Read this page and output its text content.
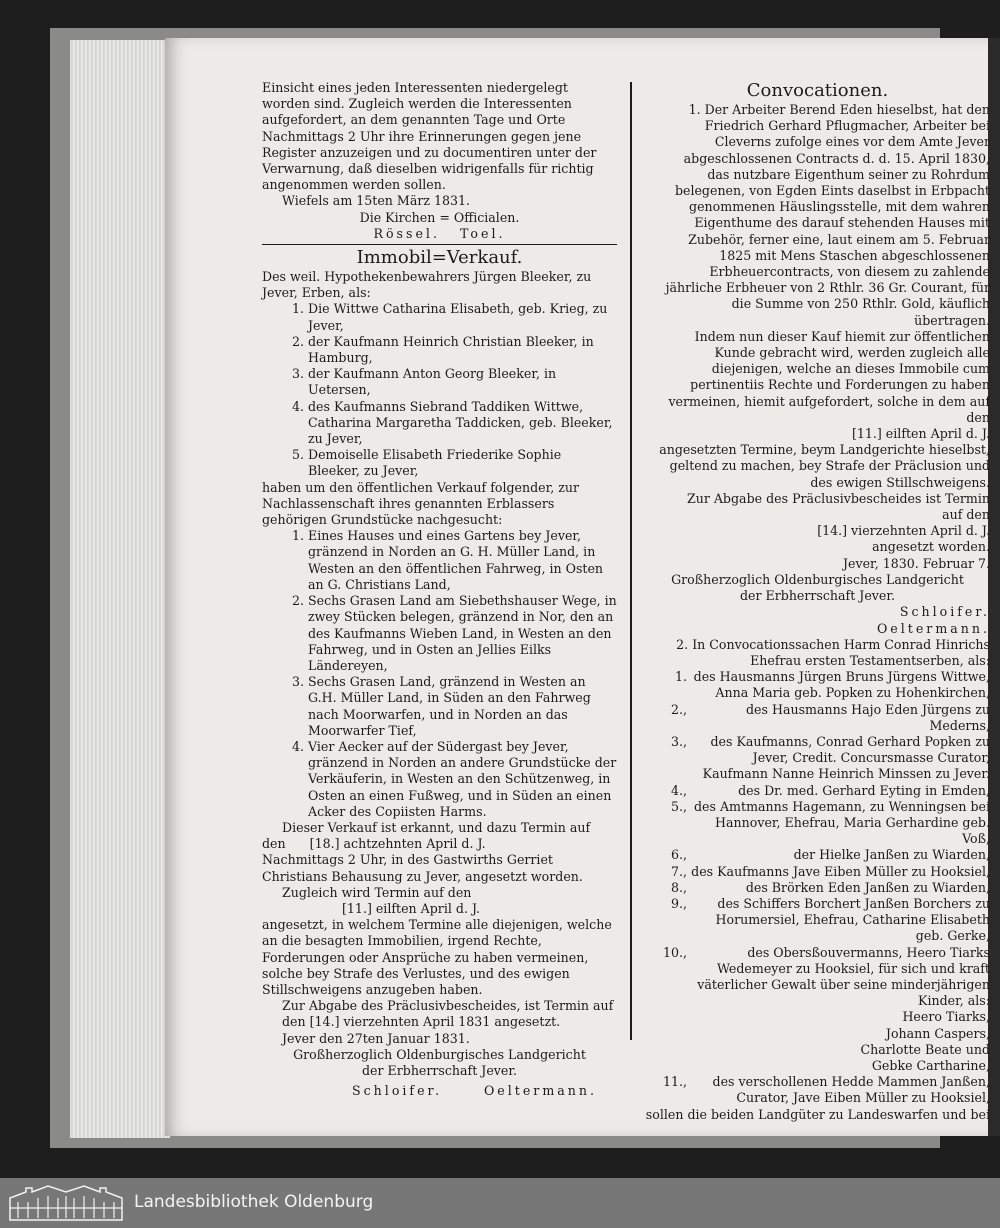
Einsicht eines jeden Interessenten niedergelegt worden sind. Zugleich werden die Interessenten aufgefordert, an dem genannten Tage und Orte Nachmittags 2 Uhr ihre Erinnerungen gegen jene Register anzuzeigen und zu documentiren unter der Verwarnung, daß dieselben widrigenfalls für richtig angenommen werden sollen.

Wiefels am 15ten März 1831.

Die Kirchen = Officialen.

Rössel. Toel.

Immobil=Verkauf.

Des weil. Hypothekenbewahrers Jürgen Bleeker, zu Jever, Erben, als:

1. Die Wittwe Catharina Elisabeth, geb. Krieg, zu Jever,
2. der Kaufmann Heinrich Christian Bleeker, in Hamburg,
3. der Kaufmann Anton Georg Bleeker, in Uetersen,
4. des Kaufmanns Siebrand Taddiken Wittwe, Catharina Margaretha Taddicken, geb. Bleeker, zu Jever,
5. Demoiselle Elisabeth Friederike Sophie Bleeker, zu Jever,

haben um den öffentlichen Verkauf folgender, zur Nachlassenschaft ihres genannten Erblassers gehörigen Grundstücke nachgesucht:

1. Eines Hauses und eines Gartens bey Jever, gränzend in Norden an G. H. Müller Land, in Westen an den öffentlichen Fahrweg, in Osten an G. Christians Land,
2. Sechs Grasen Land am Siebethshauser Wege, in zwey Stücken belegen, gränzend in Nor, den an des Kaufmanns Wieben Land, in Westen an den Fahrweg, und in Osten an Jellies Eilks Ländereyen,
3. Sechs Grasen Land, gränzend in Westen an G.H. Müller Land, in Süden an den Fahrweg nach Moorwarfen, und in Norden an das Moorwarfer Tief,
4. Vier Aecker auf der Südergast bey Jever, gränzend in Norden an andere Grundstücke der Verkäuferin, in Westen an den Schützenweg, in Osten an einen Fußweg, und in Süden an einen Acker des Copiisten Harms.

Dieser Verkauf ist erkannt, und dazu Termin auf

den [18.] achtzehnten April d. J.

Nachmittags 2 Uhr, in des Gastwirths Gerriet Christians Behausung zu Jever, angesetzt worden.

Zugleich wird Termin auf den

[11.] eilften April d. J.

angesetzt, in welchem Termine alle diejenigen, welche an die besagten Immobilien, irgend Rechte, Forderungen oder Ansprüche zu haben vermeinen, solche bey Strafe des Verlustes, und des ewigen Stillschweigens anzugeben haben.

Zur Abgabe des Präclusivbescheides, ist Termin auf den [14.] vierzehnten April 1831 angesetzt.

Jever den 27ten Januar 1831.

Großherzoglich Oldenburgisches Landgericht

der Erbherrschaft Jever.

Schloifer.	Oeltermann.

Convocationen.

1. Der Arbeiter Berend Eden hieselbst, hat den Friedrich Gerhard Pflugmacher, Arbeiter bei Cleverns zufolge eines vor dem Amte Jever abgeschlossenen Contracts d. d. 15. April 1830, das nutzbare Eigenthum seiner zu Rohrdum belegenen, von Egden Eints daselbst in Erbpacht genommenen Häuslingsstelle, mit dem wahren Eigenthume des darauf stehenden Hauses mit Zubehör, ferner eine, laut einem am 5. Februar 1825 mit Mens Staschen abgeschlossenen Erbheuercontracts, von diesem zu zahlende jährliche Erbheuer von 2 Rthlr. 36 Gr. Courant, für die Summe von 250 Rthlr. Gold, käuflich übertragen.

Indem nun dieser Kauf hiemit zur öffentlichen Kunde gebracht wird, werden zugleich alle diejenigen, welche an dieses Immobile cum pertinentiis Rechte und Forderungen zu haben vermeinen, hiemit aufgefordert, solche in dem auf den

[11.] eilften April d. J.

angesetzten Termine, beym Landgerichte hieselbst, geltend zu machen, bey Strafe der Präclusion und des ewigen Stillschweigens.

Zur Abgabe des Präclusivbescheides ist Termin auf den

[14.] vierzehnten April d. J.

angesetzt worden.

Jever, 1830. Februar 7.

Großherzoglich Oldenburgisches Landgericht

der Erbherrschaft Jever.

Schloifer.

Oeltermann.

2. In Convocationssachen Harm Conrad Hinrichs Ehefrau ersten Testamentserben, als:

1. des Hausmanns Jürgen Bruns Jürgens Wittwe, Anna Maria geb. Popken zu Hohenkirchen,
2.,	des Hausmanns Hajo Eden Jürgens zu Mederns,
3.,	des Kaufmanns, Conrad Gerhard Popken zu Jever, Credit. Concursmasse Curator, Kaufmann Nanne Heinrich Minssen zu Jever.
4.,	des Dr. med. Gerhard Eyting in Emden,
5., des Amtmanns Hagemann, zu Wenningsen bei Hannover, Ehefrau, Maria Gerhardine geb. Voß,
6.,	der Hielke Janßen zu Wiarden,
7., des Kaufmanns Jave Eiben Müller zu Hooksiel,
8.,	des Brörken Eden Janßen zu Wiarden,
9.,	des Schiffers Borchert Janßen Borchers zu Horumersiel, Ehefrau, Catharine Elisabeth geb. Gerke,
10.,	des Obersßouvermanns, Heero Tiarks Wedemeyer zu Hooksiel, für sich und kraft väterlicher Gewalt über seine minderjährigen Kinder, als:

Heero Tiarks,

Johann Caspers,

Charlotte Beate und

Gebke Cartharine,

11.,	des verschollenen Hedde Mammen Janßen, Curator, Jave Eiben Müller zu Hooksiel,

sollen die beiden Landgüter zu Landeswarfen und bei

Landesbibliothek Oldenburg
